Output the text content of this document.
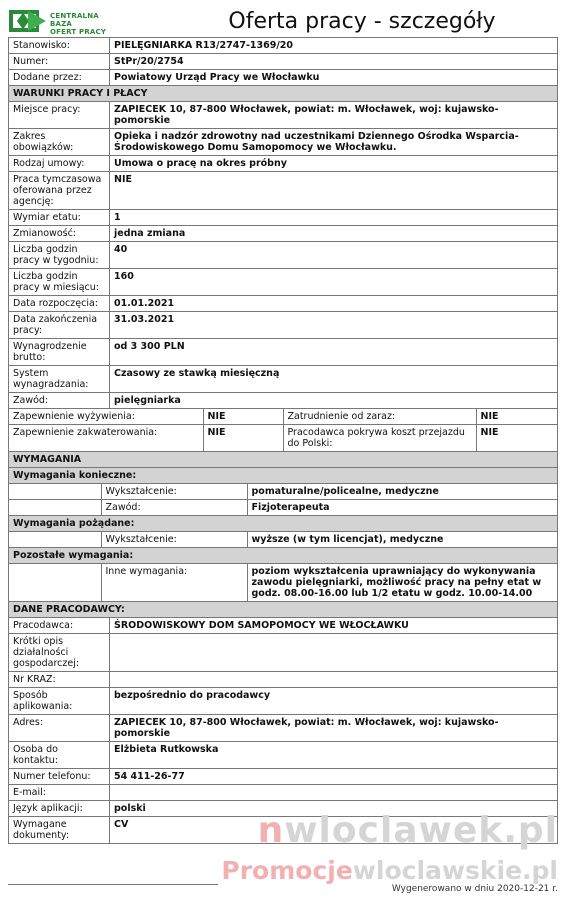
CENTRALNA BAZA
OFERT PRACY	Oferta pracy - szczegóły
Stanowisko:	PIELĘGNIARKA R13/2747-1369/20
Numer:	StPr/20/2754
Dodane przez:	Powiatowy Urząd Pracy we Włocławku
WARUNKI PRACY I PŁACY
Miejsce pracy:	ZAPIECEK 10, 87-800 Włocławek, powiat: m. Włocławek, woj: kujawsko-pomorskie
Zakres obowiązków:	Opieka i nadzór zdrowotny nad uczestnikami Dziennego Ośrodka Wsparcia-Środowiskowego Domu Samopomocy we Włocławku.
Rodzaj umowy:	Umowa o pracę na okres próbny
Praca tymczasowa oferowana przez agencję:	NIE
Wymiar etatu:	1
Zmianowość:	jedna zmiana
Liczba godzin pracy w tygodniu:	40
Liczba godzin pracy w miesiącu:	160
Data rozpoczęcia:	01.01.2021
Data zakończenia pracy:	31.03.2021
Wynagrodzenie brutto:	od 3 300 PLN
System wynagradzania:	Czasowy ze stawką miesięczną
Zawód:	pielęgniarka

Zapewnienie wyżywienia:	NIE	Zatrudnienie od zaraz:	NIE

Zapewnienie zakwaterowania:	NIE	Pracodawca pokrywa koszt przejazdu do Polski:	NIE

WYMAGANIA
Wymagania konieczne:

	Wykształcenie:	pomaturalne/policealne, medyczne

	Zawód:	Fizjoterapeuta

Wymagania pożądane:

	Wykształcenie:	wyższe (w tym licencjat), medyczne

Pozostałe wymagania:

	Inne wymagania:	poziom wykształcenia uprawniający do wykonywania zawodu pielęgniarki, możliwość pracy na pełny etat w godz. 08.00-16.00 lub 1/2 etatu w godz. 10.00-14.00

DANE PRACODAWCY:
Pracodawca:	ŚRODOWISKOWY DOM SAMOPOMOCY WE WŁOCŁAWKU
Krótki opis działalności gospodarczej:	
Nr KRAZ:	
Sposób aplikowania:	bezpośrednio do pracodawcy
Adres:	ZAPIECEK 10, 87-800 Włocławek, powiat: m. Włocławek, woj: kujawsko-pomorskie
Osoba do kontaktu:	Elżbieta Rutkowska
Numer telefonu:	54 411-26-77
E-mail:	
Język aplikacji:	polski
Wymagane dokumenty:	CV	nwloclawek.pl
Promocjewloclawskie.pl
Wygenerowano w dniu 2020-12-21 r.
